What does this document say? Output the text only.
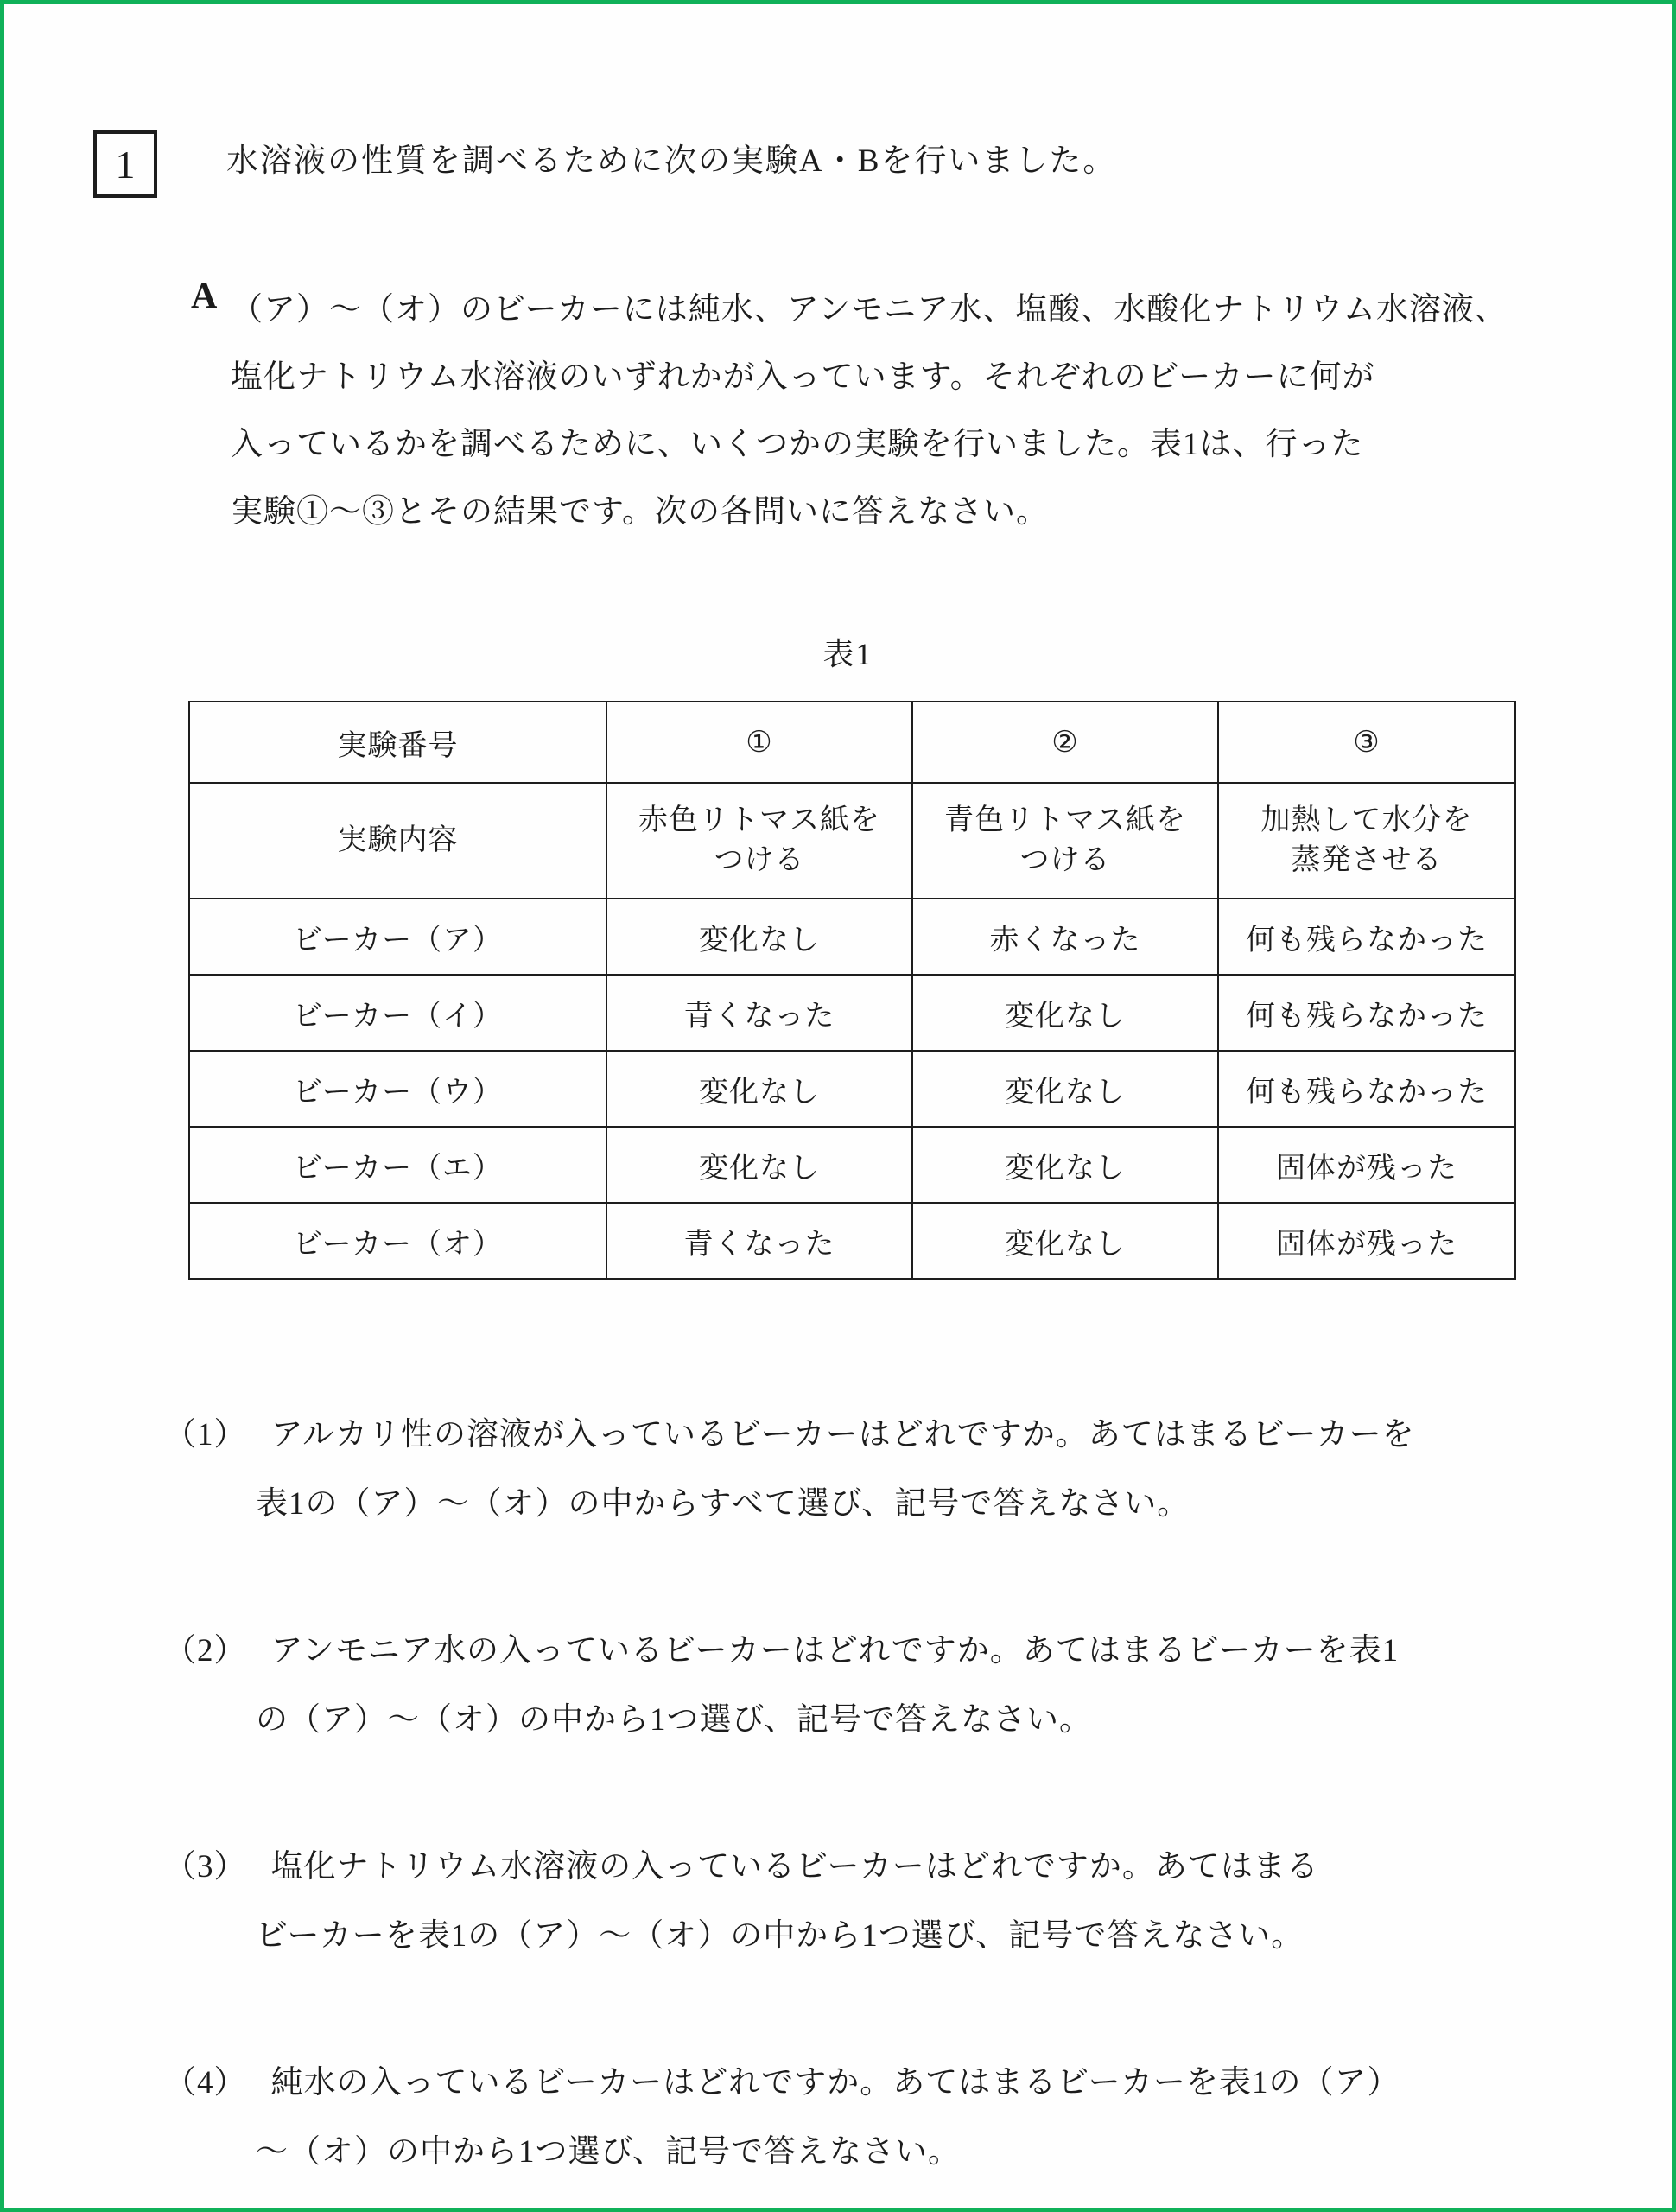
1	水溶液の性質を調べるために次の実験A・Bを行いました。
A （ア）～（オ）のビーカーには純水、アンモニア水、塩酸、水酸化ナトリウム水溶液、
塩化ナトリウム水溶液のいずれかが入っています。それぞれのビーカーに何が
入っているかを調べるために、いくつかの実験を行いました。表1は、行った
実験①～③とその結果です。次の各問いに答えなさい。
表1
実験番号	①	②	③
実験内容	赤色リトマス紙を
つける	青色リトマス紙を
つける	加熱して水分を
蒸発させる

ビーカー（ア）	変化なし	赤くなった	何も残らなかった
ビーカー（イ）	青くなった	変化なし	何も残らなかった
ビーカー（ウ）	変化なし	変化なし	何も残らなかった
ビーカー（エ）	変化なし	変化なし	固体が残った
ビーカー（オ）	青くなった	変化なし	固体が残った
（1） アルカリ性の溶液が入っているビーカーはどれですか。あてはまるビーカーを
表1の（ア）～（オ）の中からすべて選び、記号で答えなさい。
（2） アンモニア水の入っているビーカーはどれですか。あてはまるビーカーを表1
の（ア）～（オ）の中から1つ選び、記号で答えなさい。
（3） 塩化ナトリウム水溶液の入っているビーカーはどれですか。あてはまる
ビーカーを表1の（ア）～（オ）の中から1つ選び、記号で答えなさい。
（4） 純水の入っているビーカーはどれですか。あてはまるビーカーを表1の（ア）
～（オ）の中から1つ選び、記号で答えなさい。
